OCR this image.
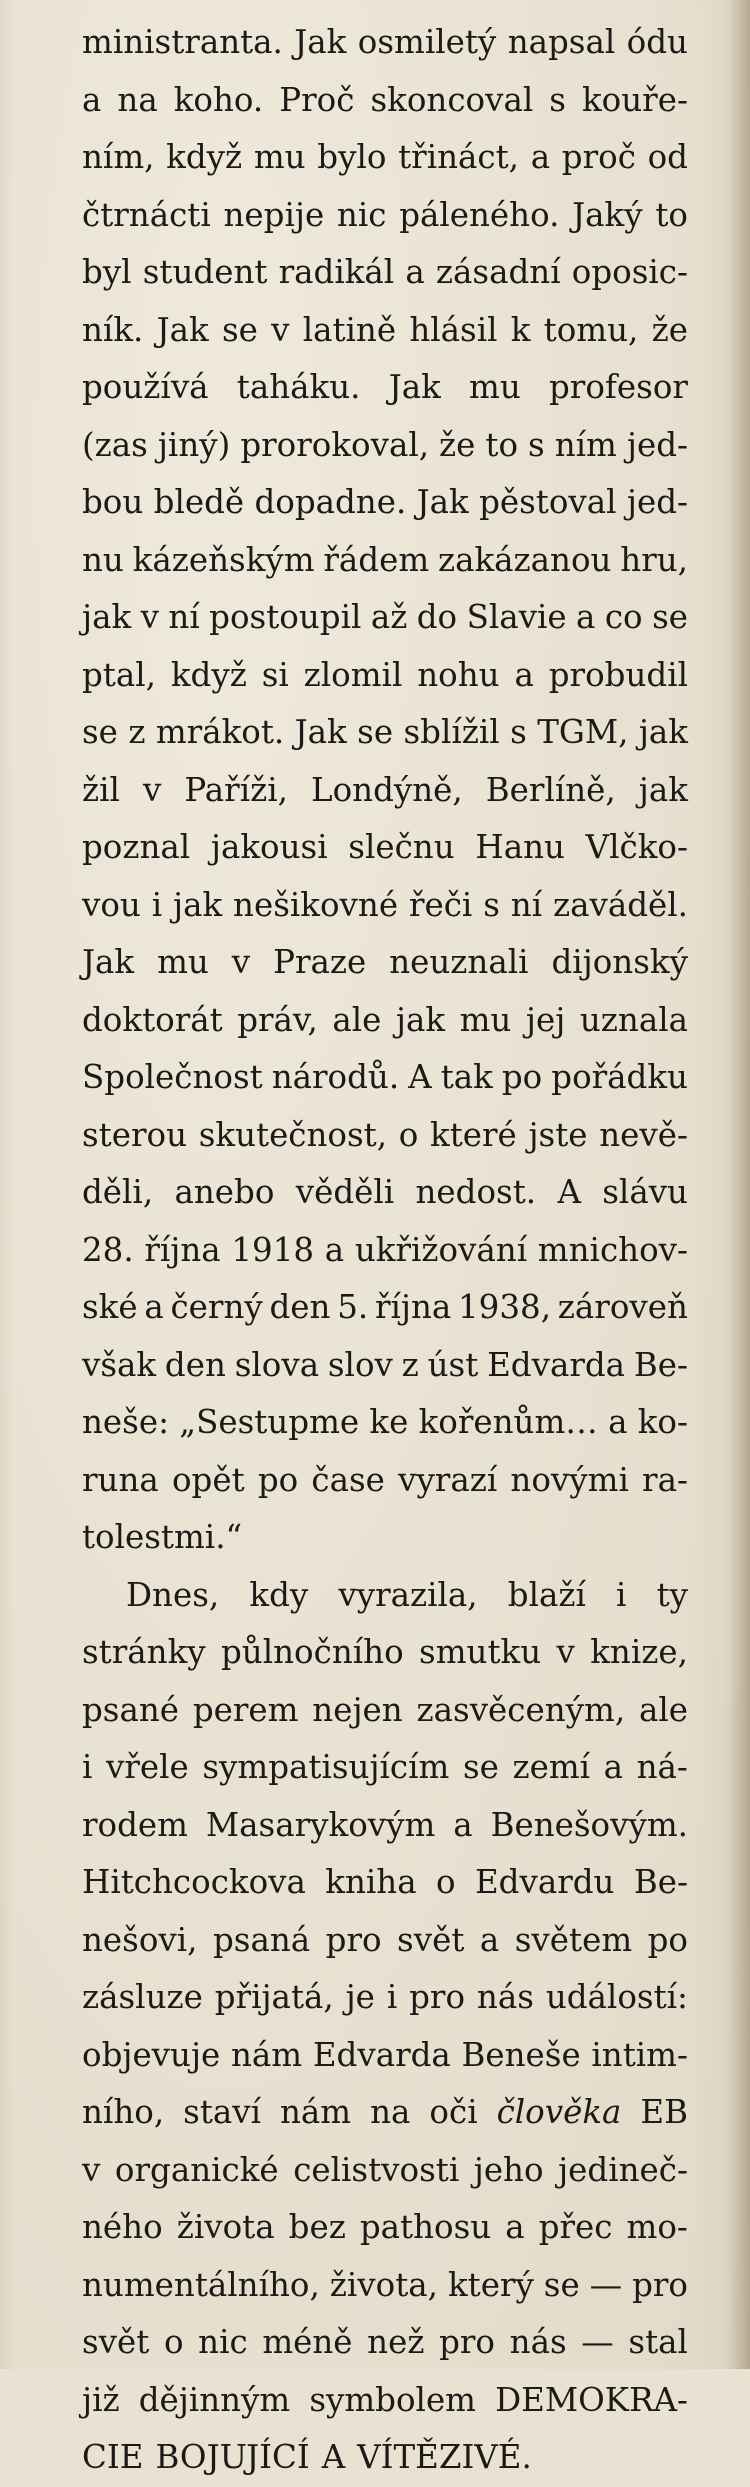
ministranta. Jak osmiletý napsal ódu
a na koho. Proč skoncoval s kouře-
ním, když mu bylo třináct, a proč od
čtrnácti nepije nic páleného. Jaký to
byl student radikál a zásadní oposic-
ník. Jak se v latině hlásil k tomu, že
používá taháku. Jak mu profesor
(zas jiný) prorokoval, že to s ním jed-
bou bledě dopadne. Jak pěstoval jed-
nu kázeňským řádem zakázanou hru,
jak v ní postoupil až do Slavie a co se
ptal, když si zlomil nohu a probudil
se z mrákot. Jak se sblížil s TGM, jak
žil v Paříži, Londýně, Berlíně, jak
poznal jakousi slečnu Hanu Vlčko-
vou i jak nešikovné řeči s ní zaváděl.
Jak mu v Praze neuznali dijonský
doktorát práv, ale jak mu jej uznala
Společnost národů. A tak po pořádku
sterou skutečnost, o které jste nevě-
děli, anebo věděli nedost. A slávu
28. října 1918 a ukřižování mnichov-
ské a černý den 5. října 1938, zároveň
však den slova slov z úst Edvarda Be-
neše: „Sestupme ke kořenům… a ko-
runa opět po čase vyrazí novými ra-
tolestmi.“
Dnes, kdy vyrazila, blaží i ty
stránky půlnočního smutku v knize,
psané perem nejen zasvěceným, ale
i vřele sympatisujícím se zemí a ná-
rodem Masarykovým a Benešovým.
Hitchcockova kniha o Edvardu Be-
nešovi, psaná pro svět a světem po
zásluze přijatá, je i pro nás událostí:
objevuje nám Edvarda Beneše intim-
ního, staví nám na oči člověka EB
v organické celistvosti jeho jedineč-
ného života bez pathosu a přec mo-
numentálního, života, který se — pro
svět o nic méně než pro nás — stal
již dějinným symbolem DEMOKRA-
CIE BOJUJÍCÍ A VÍTĚZIVÉ.
